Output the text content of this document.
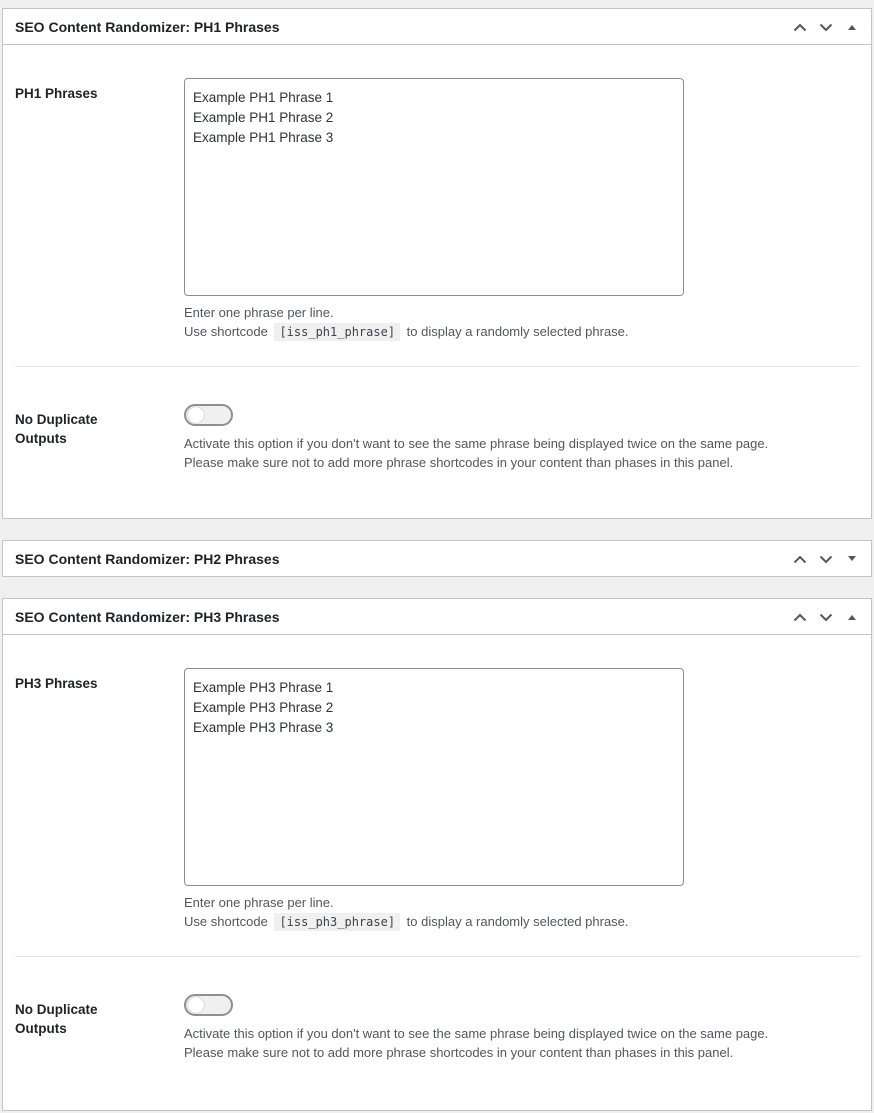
SEO Content Randomizer: PH1 Phrases
PH1 Phrases	Example PH1 Phrase 1
Example PH1 Phrase 2
Example PH1 Phrase 3
Enter one phrase per line.
Use shortcode [iss_ph1_phrase] to display a randomly selected phrase.
No Duplicate
Outputs	Activate this option if you don't want to see the same phrase being displayed twice on the same page.
Please make sure not to add more phrase shortcodes in your content than phases in this panel.
SEO Content Randomizer: PH2 Phrases
SEO Content Randomizer: PH3 Phrases
PH3 Phrases	Example PH3 Phrase 1
Example PH3 Phrase 2
Example PH3 Phrase 3
Enter one phrase per line.
Use shortcode [iss_ph3_phrase] to display a randomly selected phrase.
No Duplicate
Outputs	Activate this option if you don't want to see the same phrase being displayed twice on the same page.
Please make sure not to add more phrase shortcodes in your content than phases in this panel.
